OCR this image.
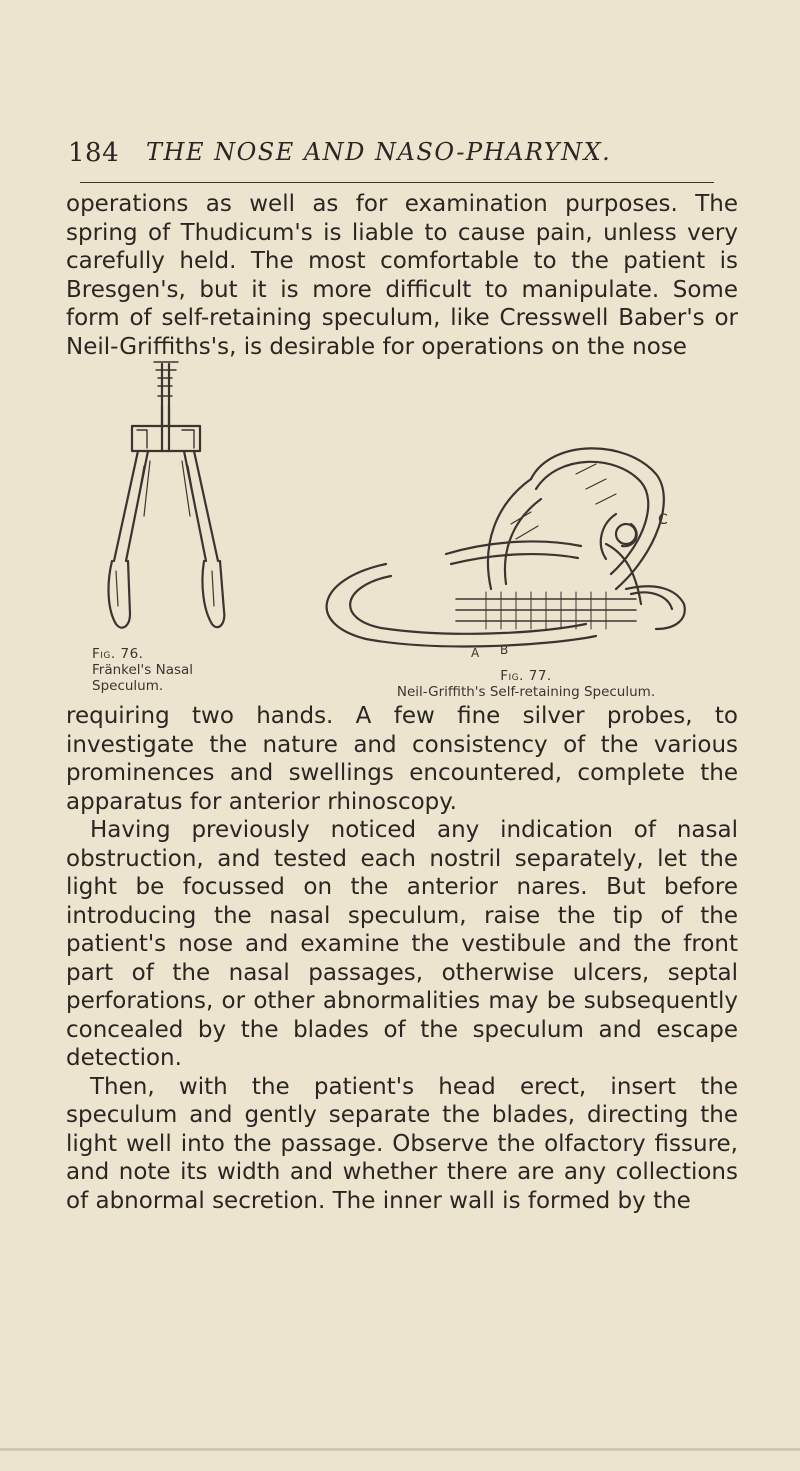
184 THE NOSE AND NASO-PHARYNX.

operations as well as for examination purposes. The spring of Thudicum's is liable to cause pain, unless very carefully held. The most comfortable to the patient is Bresgen's, but it is more difficult to manipulate. Some form of self-retaining speculum, like Cresswell Baber's or Neil-Griffiths's, is desirable for operations on the nose

Fig. 76.
Fränkel's Nasal
Speculum.
A B
C
Fig. 77.
Neil-Griffith's Self-retaining Speculum.

requiring two hands. A few fine silver probes, to investigate the nature and consistency of the various prominences and swellings encountered, complete the apparatus for anterior rhinoscopy.

Having previously noticed any indication of nasal obstruction, and tested each nostril separately, let the light be focussed on the anterior nares. But before introducing the nasal speculum, raise the tip of the patient's nose and examine the vestibule and the front part of the nasal passages, otherwise ulcers, septal perforations, or other abnormalities may be subsequently concealed by the blades of the speculum and escape detection.

Then, with the patient's head erect, insert the speculum and gently separate the blades, directing the light well into the passage. Observe the olfactory fissure, and note its width and whether there are any collections of abnormal secretion. The inner wall is formed by the
